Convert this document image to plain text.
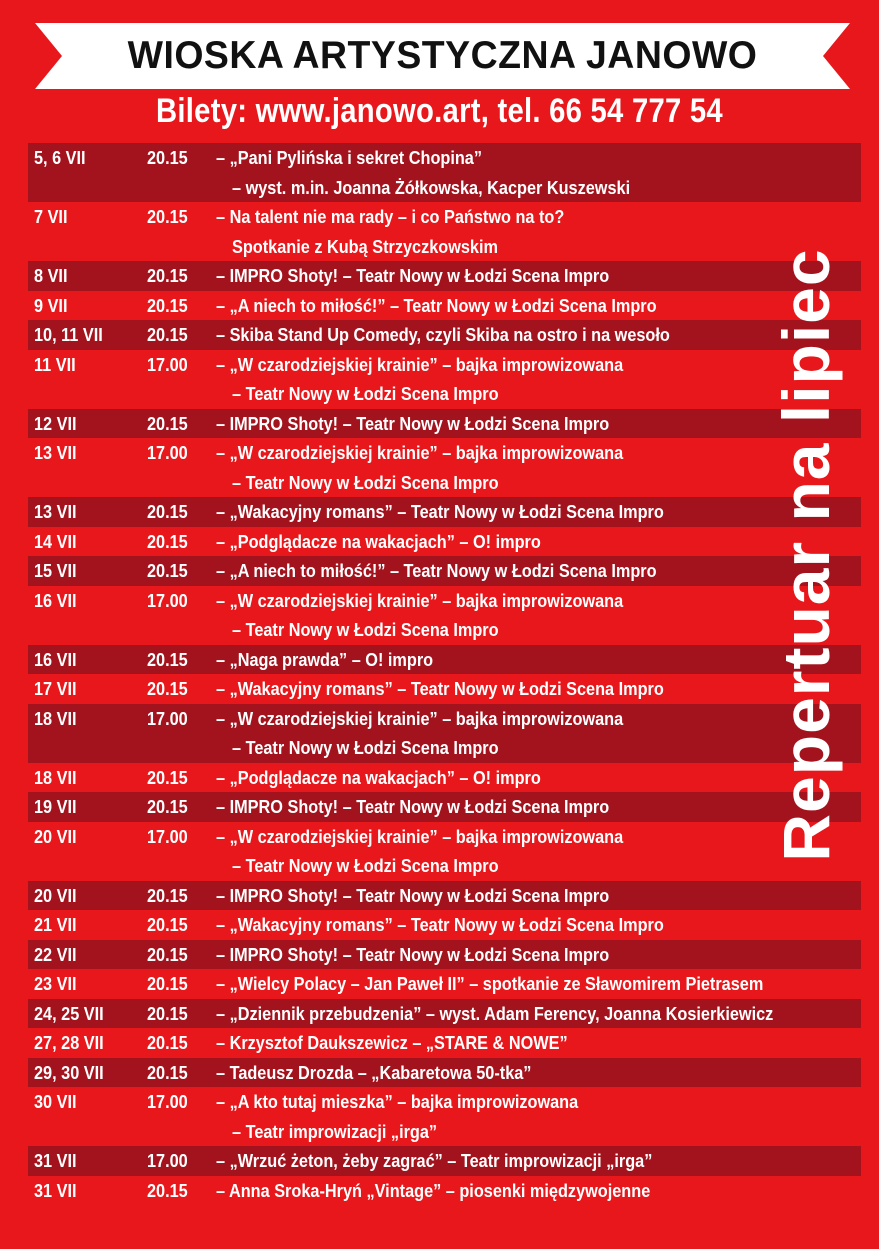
WIOSKA ARTYSTYCZNA JANOWO
Bilety: www.janowo.art, tel. 66 54 777 54
5, 6 VII	20.15 – „Pani Pylińska i sekret Chopina”
– wyst. m.in. Joanna Żółkowska, Kacper Kuszewski
7 VII	20.15 – Na talent nie ma rady – i co Państwo na to?
Spotkanie z Kubą Strzyczkowskim
8 VII	20.15 – IMPRO Shoty! – Teatr Nowy w Łodzi Scena Impro
9 VII	20.15 – „A niech to miłość!” – Teatr Nowy w Łodzi Scena Impro
10, 11 VII 20.15 – Skiba Stand Up Comedy, czyli Skiba na ostro i na wesoło
11 VII	17.00 – „W czarodziejskiej krainie” – bajka improwizowana
– Teatr Nowy w Łodzi Scena Impro
12 VII	20.15 – IMPRO Shoty! – Teatr Nowy w Łodzi Scena Impro
13 VII	17.00 – „W czarodziejskiej krainie” – bajka improwizowana
– Teatr Nowy w Łodzi Scena Impro
13 VII	20.15 – „Wakacyjny romans” – Teatr Nowy w Łodzi Scena Impro
14 VII	20.15 – „Podglądacze na wakacjach” – O! impro
15 VII	20.15 – „A niech to miłość!” – Teatr Nowy w Łodzi Scena Impro
16 VII	17.00 – „W czarodziejskiej krainie” – bajka improwizowana
– Teatr Nowy w Łodzi Scena Impro
16 VII	20.15 – „Naga prawda” – O! impro
17 VII	20.15 – „Wakacyjny romans” – Teatr Nowy w Łodzi Scena Impro
18 VII	17.00 – „W czarodziejskiej krainie” – bajka improwizowana
– Teatr Nowy w Łodzi Scena Impro
18 VII	20.15 – „Podglądacze na wakacjach” – O! impro
19 VII	20.15 – IMPRO Shoty! – Teatr Nowy w Łodzi Scena Impro
20 VII	17.00 – „W czarodziejskiej krainie” – bajka improwizowana
– Teatr Nowy w Łodzi Scena Impro
20 VII	20.15 – IMPRO Shoty! – Teatr Nowy w Łodzi Scena Impro
21 VII	20.15 – „Wakacyjny romans” – Teatr Nowy w Łodzi Scena Impro
22 VII	20.15 – IMPRO Shoty! – Teatr Nowy w Łodzi Scena Impro
23 VII	20.15 – „Wielcy Polacy – Jan Paweł II” – spotkanie ze Sławomirem Pietrasem
24, 25 VII 20.15 – „Dziennik przebudzenia” – wyst. Adam Ferency, Joanna Kosierkiewicz
27, 28 VII 20.15 – Krzysztof Daukszewicz – „STARE & NOWE”
29, 30 VII 20.15 – Tadeusz Drozda – „Kabaretowa 50-tka”
30 VII	17.00 – „A kto tutaj mieszka” – bajka improwizowana
– Teatr improwizacji „irga”
31 VII	17.00 – „Wrzuć żeton, żeby zagrać” – Teatr improwizacji „irga”
31 VII	20.15 – Anna Sroka-Hryń „Vintage” – piosenki międzywojenne
Repertuar na lipiec
